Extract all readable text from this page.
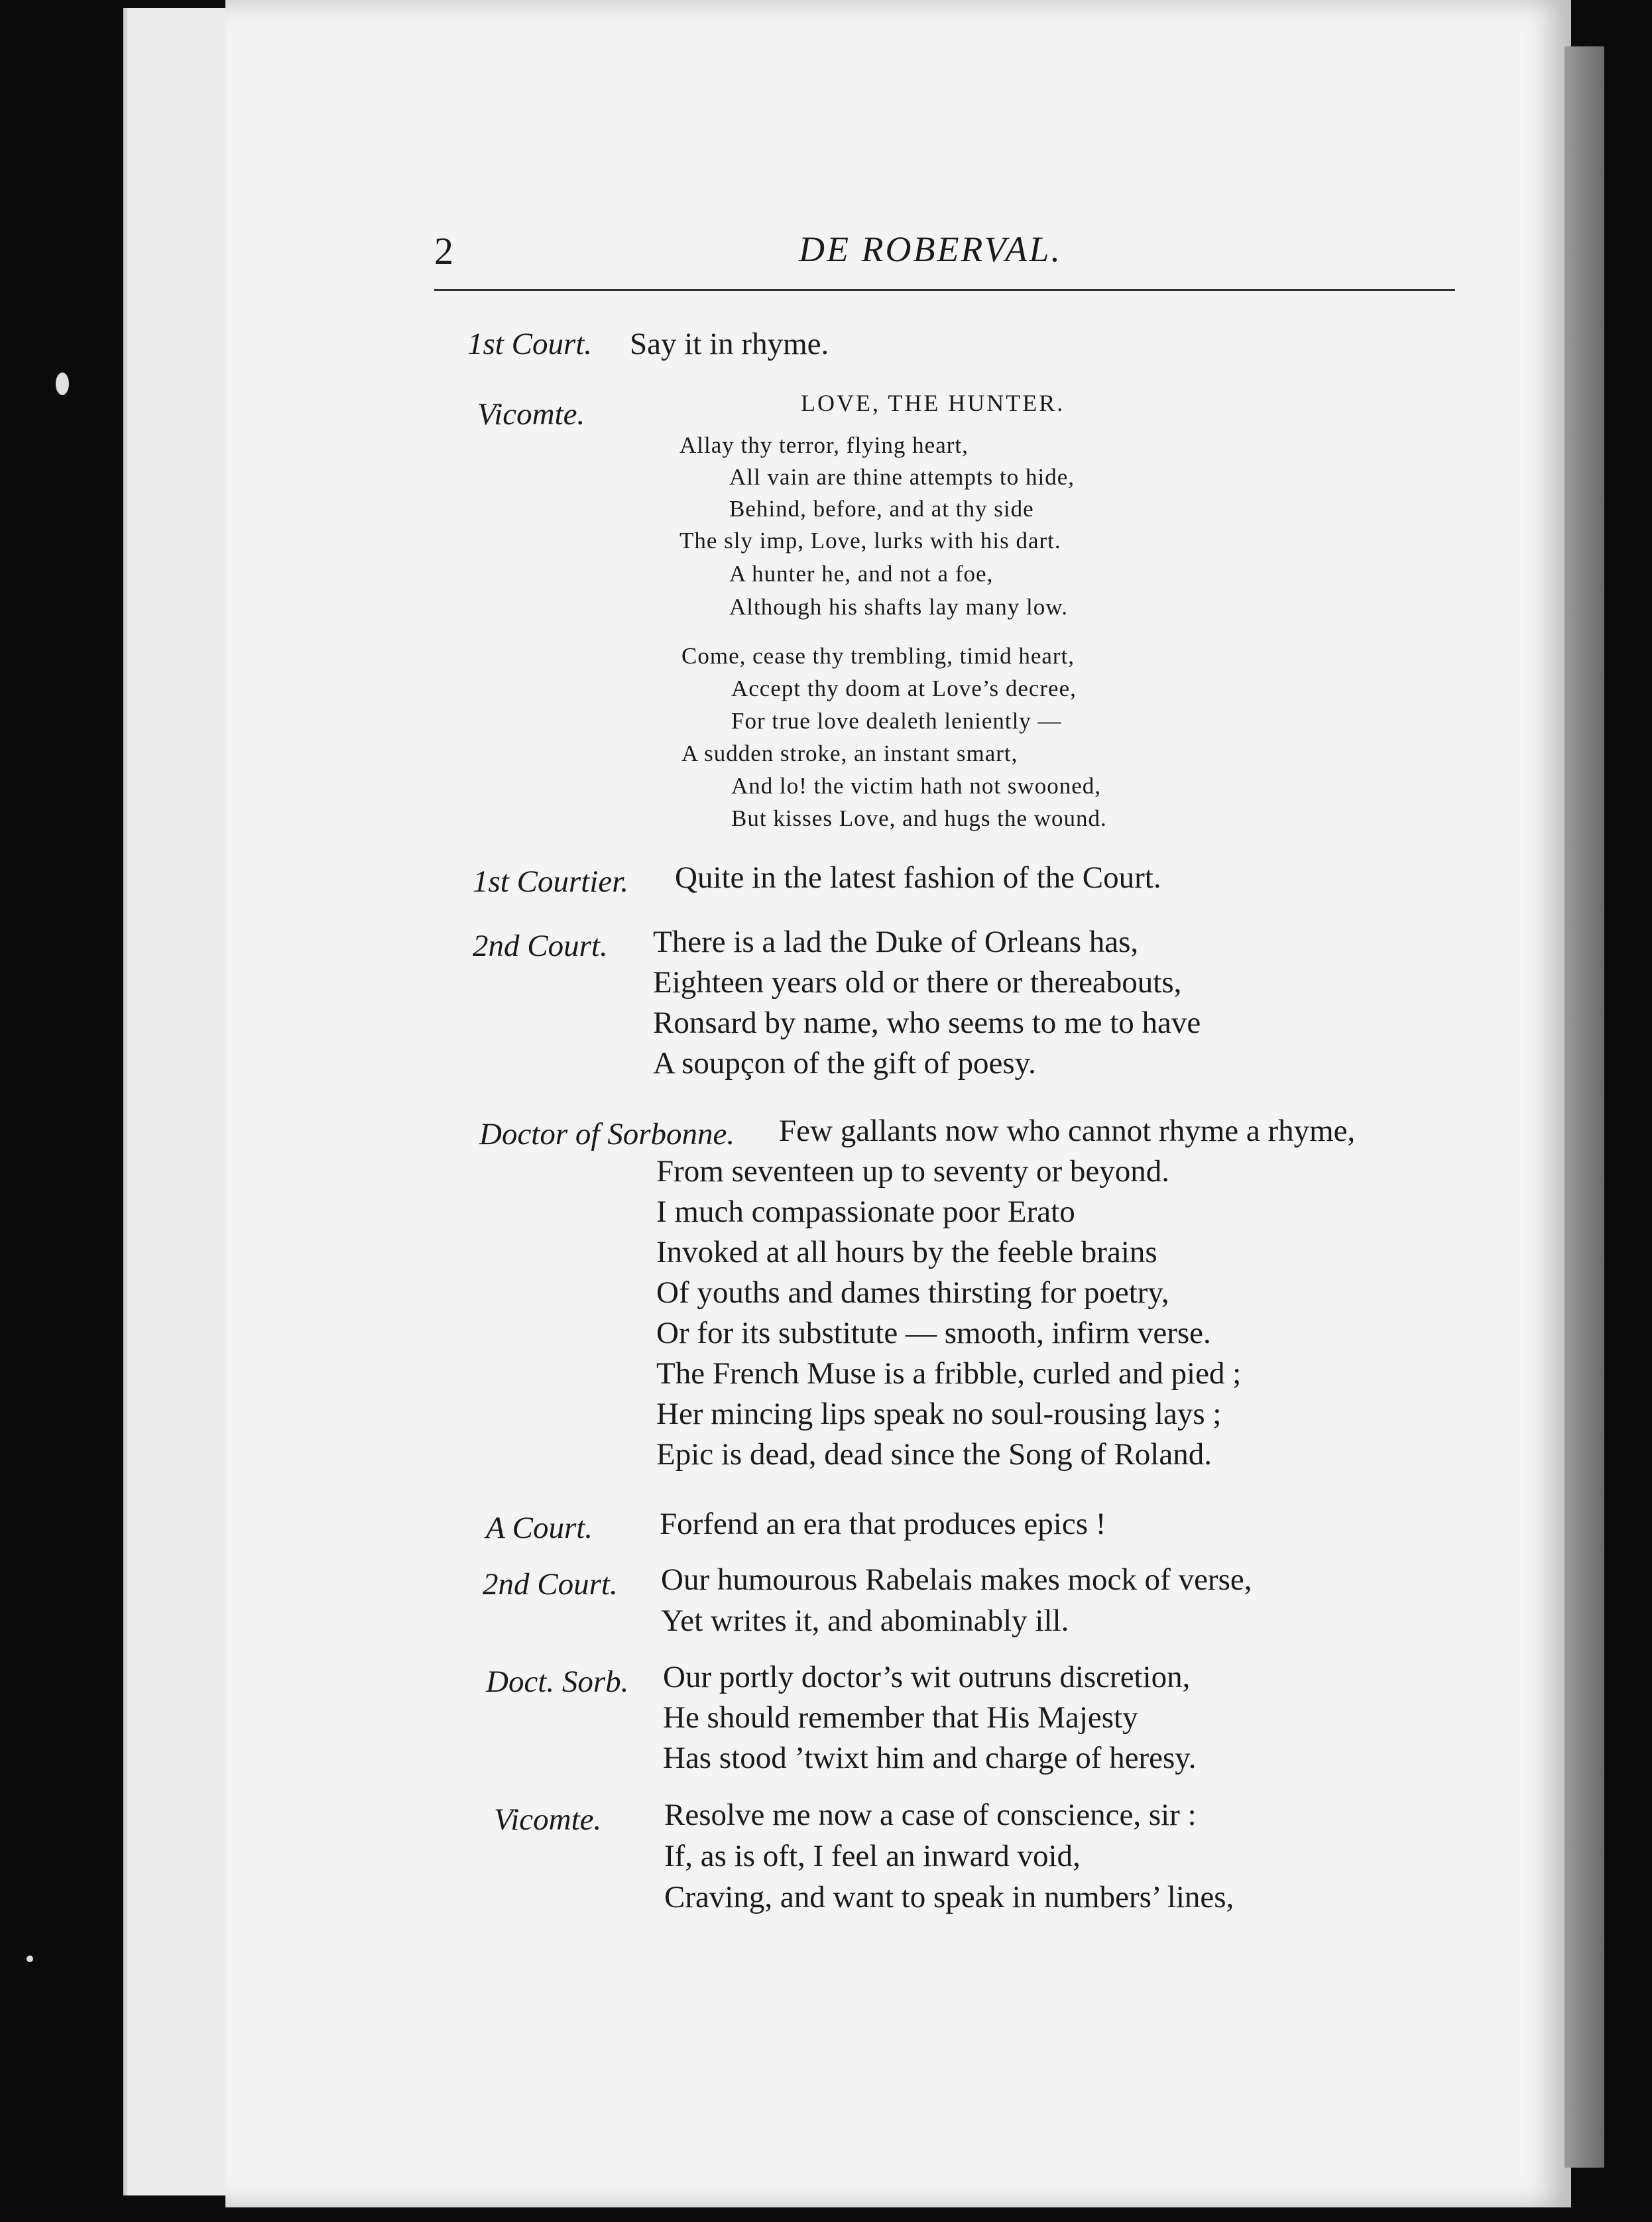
2	DE ROBERVAL.
1st Court. Say it in rhyme.
Vicomte.	LOVE, THE HUNTER.
Allay thy terror, flying heart,
All vain are thine attempts to hide,
Behind, before, and at thy side
The sly imp, Love, lurks with his dart.
A hunter he, and not a foe,
Although his shafts lay many low.
Come, cease thy trembling, timid heart,
Accept thy doom at Love’s decree,
For true love dealeth leniently —
A sudden stroke, an instant smart,
And lo! the victim hath not swooned,
But kisses Love, and hugs the wound.
1st Courtier. Quite in the latest fashion of the Court.
2nd Court. There is a lad the Duke of Orleans has,
Eighteen years old or there or thereabouts,
Ronsard by name, who seems to me to have
A soupçon of the gift of poesy.
Doctor of Sorbonne. Few gallants now who cannot rhyme a rhyme,
From seventeen up to seventy or beyond.
I much compassionate poor Erato
Invoked at all hours by the feeble brains
Of youths and dames thirsting for poetry,
Or for its substitute — smooth, infirm verse.
The French Muse is a fribble, curled and pied ;
Her mincing lips speak no soul-rousing lays ;
Epic is dead, dead since the Song of Roland.
A Court. Forfend an era that produces epics !
2nd Court. Our humourous Rabelais makes mock of verse,
Yet writes it, and abominably ill.
Doct. Sorb. Our portly doctor’s wit outruns discretion,
He should remember that His Majesty
Has stood ’twixt him and charge of heresy.
Vicomte. Resolve me now a case of conscience, sir :
If, as is oft, I feel an inward void,
Craving, and want to speak in numbers’ lines,
